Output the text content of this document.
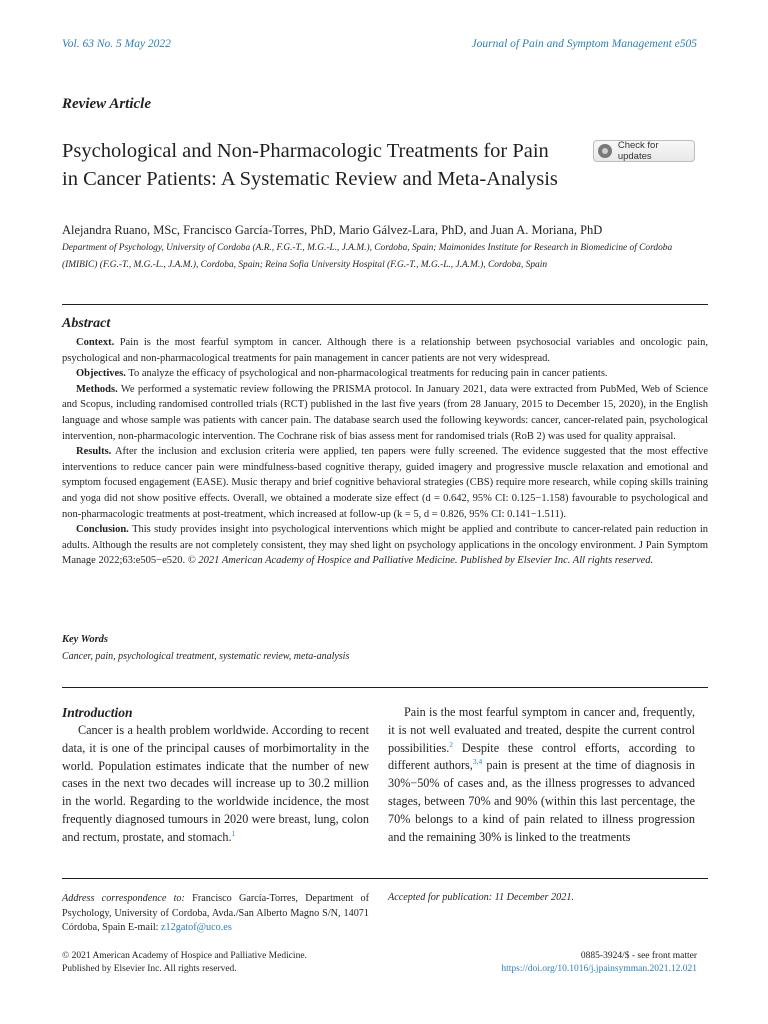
Vol. 63 No. 5 May 2022	Journal of Pain and Symptom Management e505
Review Article
Psychological and Non-Pharmacologic Treatments for Pain in Cancer Patients: A Systematic Review and Meta-Analysis
Check for updates
Alejandra Ruano, MSc, Francisco García-Torres, PhD, Mario Gálvez-Lara, PhD, and Juan A. Moriana, PhD
Department of Psychology, University of Cordoba (A.R., F.G.-T., M.G.-L., J.A.M.), Cordoba, Spain; Maimonides Institute for Research in Biomedicine of Cordoba (IMIBIC) (F.G.-T., M.G.-L., J.A.M.), Cordoba, Spain; Reina Sofia University Hospital (F.G.-T., M.G.-L., J.A.M.), Cordoba, Spain
Abstract

Context. Pain is the most fearful symptom in cancer. Although there is a relationship between psychosocial variables and oncologic pain, psychological and non-pharmacological treatments for pain management in cancer patients are not very widespread.

Objectives. To analyze the efficacy of psychological and non-pharmacological treatments for reducing pain in cancer patients.

Methods. We performed a systematic review following the PRISMA protocol. In January 2021, data were extracted from PubMed, Web of Science and Scopus, including randomised controlled trials (RCT) published in the last five years (from 28 January, 2015 to December 15, 2020), in the English language and whose sample was patients with cancer pain. The database search used the following keywords: cancer, cancer-related pain, psychological intervention, non-pharmacologic intervention. The Cochrane risk of bias assess ment for randomised trials (RoB 2) was used for quality appraisal.

Results. After the inclusion and exclusion criteria were applied, ten papers were fully screened. The evidence suggested that the most effective interventions to reduce cancer pain were mindfulness-based cognitive therapy, guided imagery and progressive muscle relaxation and emotional and symptom focused engagement (EASE). Music therapy and brief cognitive behavioral strategies (CBS) require more research, while coping skills training and yoga did not show positive effects. Overall, we obtained a moderate size effect (d = 0.642, 95% CI: 0.125−1.158) favourable to psychological and non-pharmacologic treatments at post-treatment, which increased at follow-up (k = 5, d = 0.826, 95% CI: 0.141−1.511).

Conclusion. This study provides insight into psychological interventions which might be applied and contribute to cancer-related pain reduction in adults. Although the results are not completely consistent, they may shed light on psychology applications in the oncology environment. J Pain Symptom Manage 2022;63:e505−e520. © 2021 American Academy of Hospice and Palliative Medicine. Published by Elsevier Inc. All rights reserved.

Key Words
Cancer, pain, psychological treatment, systematic review, meta-analysis
Introduction
Cancer is a health problem worldwide. According to recent data, it is one of the principal causes of morbimortality in the world. Population estimates indicate that the number of new cases in the next two decades will increase up to 30.2 million in the world. Regarding to the worldwide incidence, the most frequently diagnosed tumours in 2020 were breast, lung, colon and rectum, prostate, and stomach.$^1$
Pain is the most fearful symptom in cancer and, frequently, it is not well evaluated and treated, despite the current control possibilities.$^2$ Despite these control efforts, according to different authors,$^{3,4}$ pain is present at the time of diagnosis in 30%−50% of cases and, as the illness progresses to advanced stages, between 70% and 90% (within this last percentage, the 70% belongs to a kind of pain related to illness progression and the remaining 30% is linked to the treatments
Address correspondence to: Francisco García-Torres, Department of Psychology, University of Cordoba, Avda./San Alberto Magno S/N, 14071 Córdoba, Spain E-mail: z12gatof@uco.es
Accepted for publication: 11 December 2021.
© 2021 American Academy of Hospice and Palliative Medicine.
Published by Elsevier Inc. All rights reserved.
0885-3924/$ - see front matter
https://doi.org/10.1016/j.jpainsymman.2021.12.021
